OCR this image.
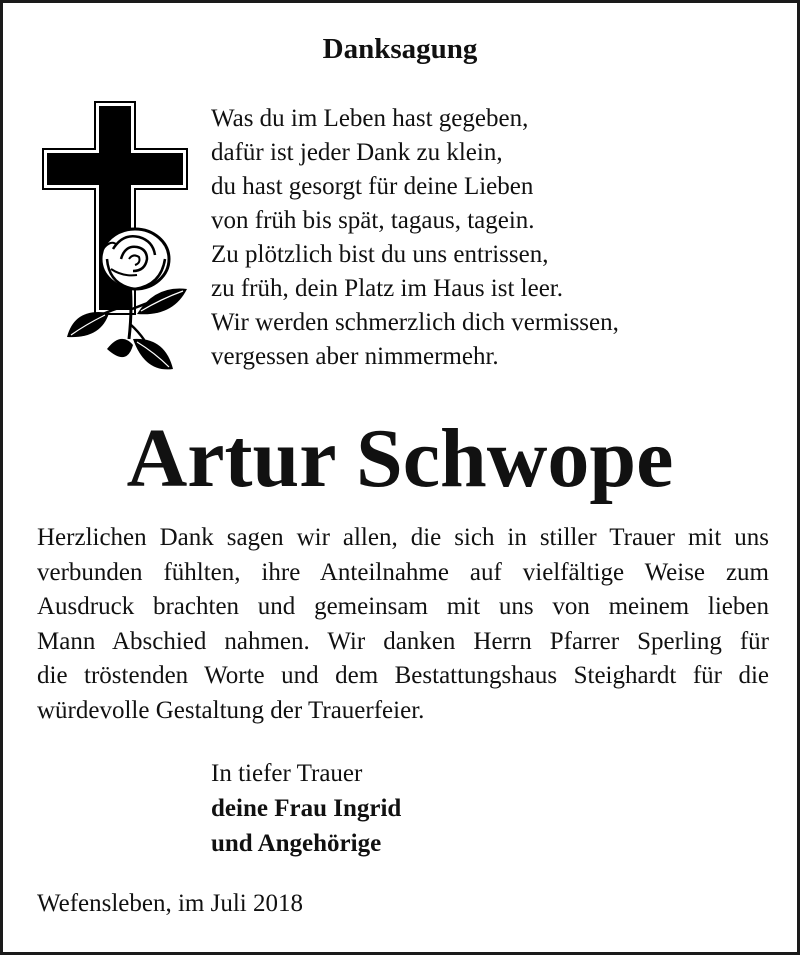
Danksagung
Was du im Leben hast gegeben,
dafür ist jeder Dank zu klein,
du hast gesorgt für deine Lieben
von früh bis spät, tagaus, tagein.
Zu plötzlich bist du uns entrissen,
zu früh, dein Platz im Haus ist leer.
Wir werden schmerzlich dich vermissen,
vergessen aber nimmermehr.
Artur Schwope
Herzlichen Dank sagen wir allen, die sich in stiller Trauer mit uns
verbunden fühlten, ihre Anteilnahme auf vielfältige Weise zum
Ausdruck brachten und gemeinsam mit uns von meinem lieben
Mann Abschied nahmen. Wir danken Herrn Pfarrer Sperling für
die tröstenden Worte und dem Bestattungshaus Steighardt für die
würdevolle Gestaltung der Trauerfeier.
In tiefer Trauer
deine Frau Ingrid
und Angehörige
Wefensleben, im Juli 2018
